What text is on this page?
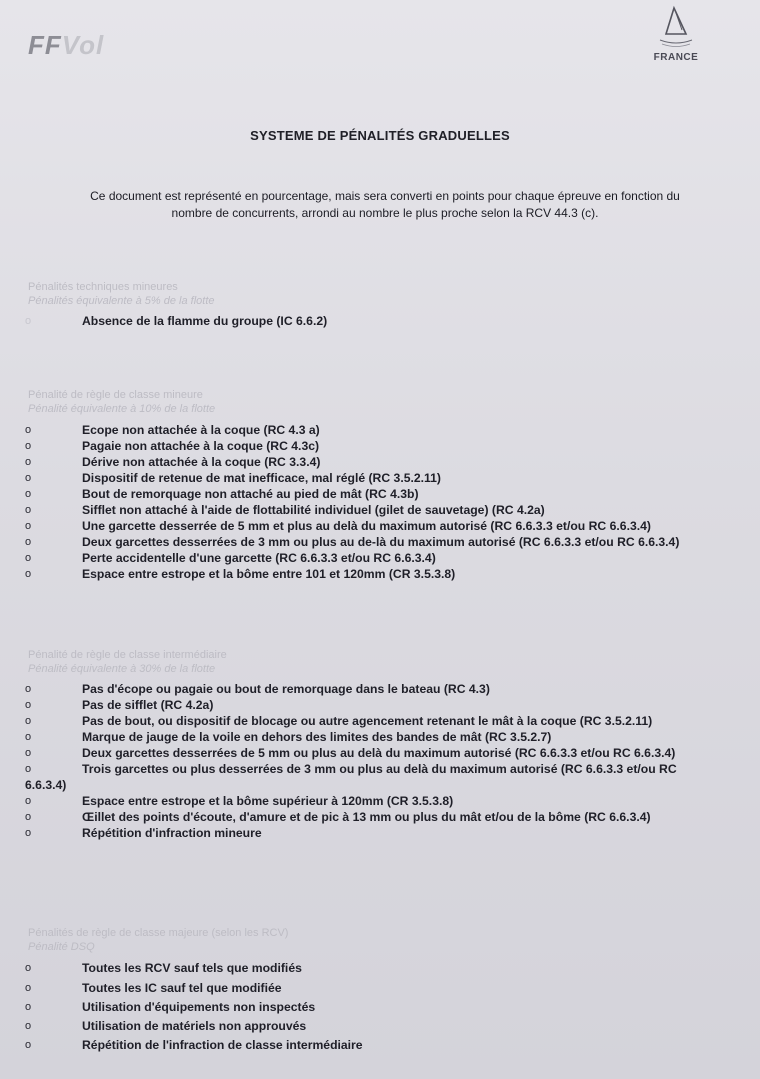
FFVol	FRANCE
SYSTEME DE PÉNALITÉS GRADUELLES
Ce document est représenté en pourcentage, mais sera converti en points pour chaque épreuve en fonction du
nombre de concurrents, arrondi au nombre le plus proche selon la RCV 44.3 (c).
Pénalités techniques mineures
Pénalités équivalente à 5% de la flotte
o	Absence de la flamme du groupe (IC 6.6.2)
Pénalité de règle de classe mineure
Pénalité équivalente à 10% de la flotte
o	Ecope non attachée à la coque (RC 4.3 a)
o	Pagaie non attachée à la coque (RC 4.3c)
o	Dérive non attachée à la coque (RC 3.3.4)
o	Dispositif de retenue de mat inefficace, mal réglé (RC 3.5.2.11)
o	Bout de remorquage non attaché au pied de mât (RC 4.3b)
o	Sifflet non attaché à l'aide de flottabilité individuel (gilet de sauvetage) (RC 4.2a)
o	Une garcette desserrée de 5 mm et plus au delà du maximum autorisé (RC 6.6.3.3 et/ou RC 6.6.3.4)
o	Deux garcettes desserrées de 3 mm ou plus au de-là du maximum autorisé (RC 6.6.3.3 et/ou RC 6.6.3.4)
o	Perte accidentelle d'une garcette (RC 6.6.3.3 et/ou RC 6.6.3.4)
o	Espace entre estrope et la bôme entre 101 et 120mm (CR 3.5.3.8)
Pénalité de règle de classe intermédiaire
Pénalité équivalente à 30% de la flotte
o	Pas d'écope ou pagaie ou bout de remorquage dans le bateau (RC 4.3)
o	Pas de sifflet (RC 4.2a)
o	Pas de bout, ou dispositif de blocage ou autre agencement retenant le mât à la coque (RC 3.5.2.11)
o	Marque de jauge de la voile en dehors des limites des bandes de mât (RC 3.5.2.7)
o	Deux garcettes desserrées de 5 mm ou plus au delà du maximum autorisé (RC 6.6.3.3 et/ou RC 6.6.3.4)
o	Trois garcettes ou plus desserrées de 3 mm ou plus au delà du maximum autorisé (RC 6.6.3.3 et/ou RC
6.6.3.4)
o	Espace entre estrope et la bôme supérieur à 120mm (CR 3.5.3.8)
o	Œillet des points d'écoute, d'amure et de pic à 13 mm ou plus du mât et/ou de la bôme (RC 6.6.3.4)
o	Répétition d'infraction mineure
Pénalités de règle de classe majeure (selon les RCV)
Pénalité DSQ
o	Toutes les RCV sauf tels que modifiés
o	Toutes les IC sauf tel que modifiée
o	Utilisation d'équipements non inspectés
o	Utilisation de matériels non approuvés
o	Répétition de l'infraction de classe intermédiaire
